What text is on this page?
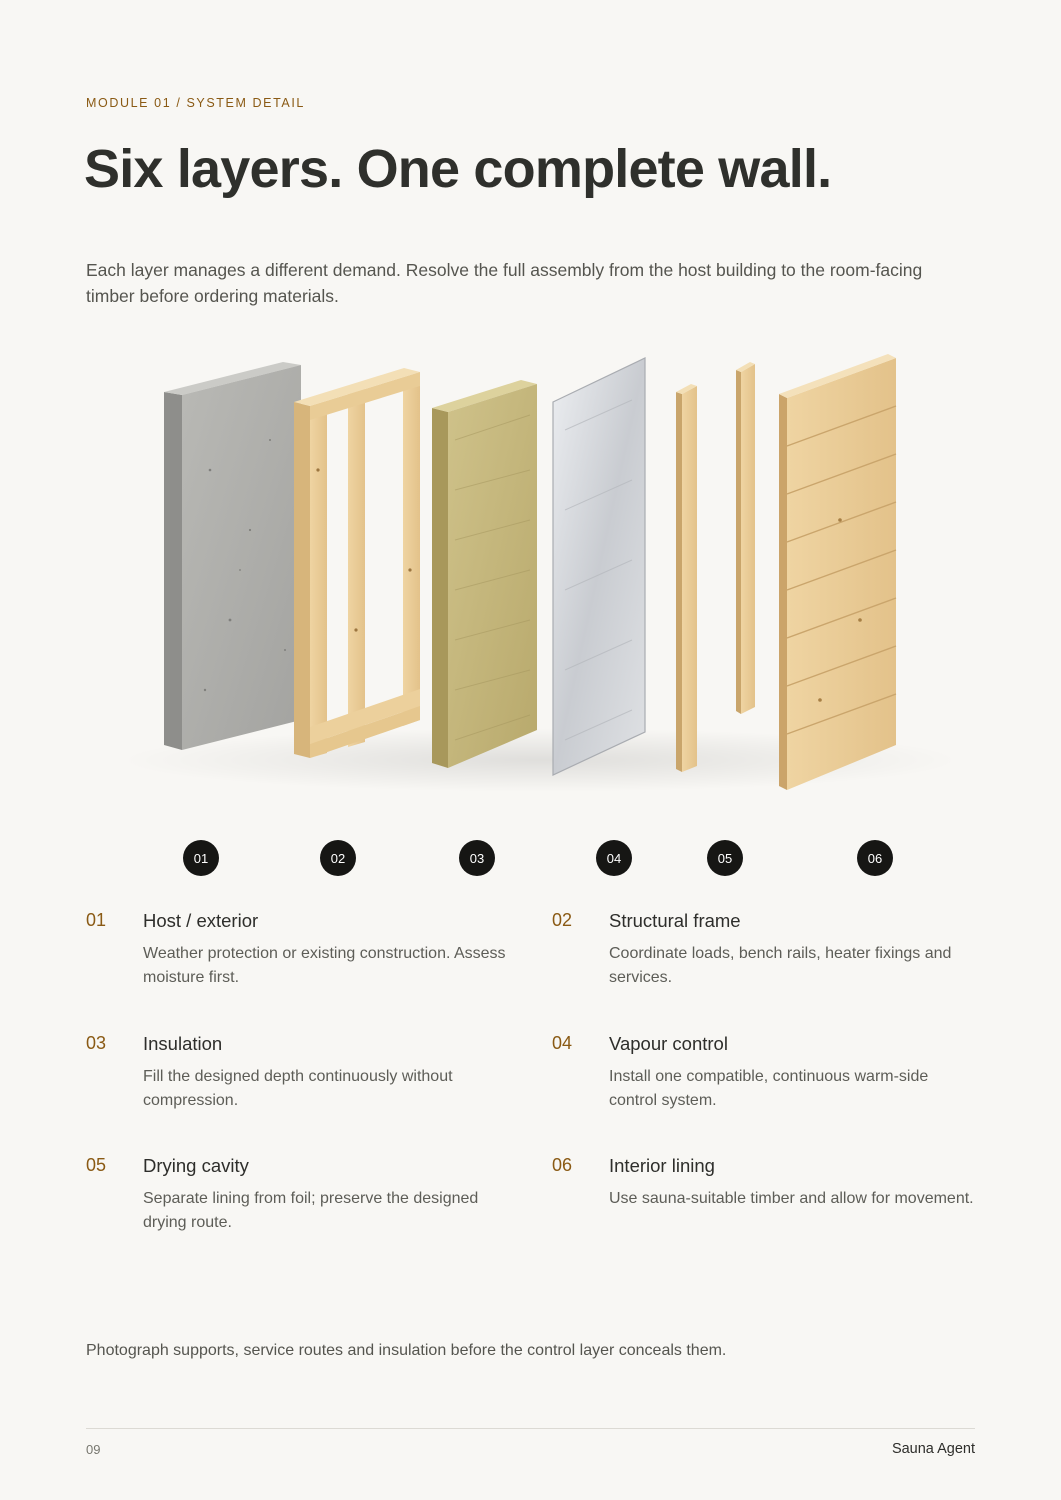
MODULE 01 / SYSTEM DETAIL
Six layers. One complete wall.

Each layer manages a different demand. Resolve the full assembly from the host building to the room-facing timber before ordering materials.

01	02	03	04	05	06
01 Host / exterior

Weather protection or existing construction. Assess moisture first.

02 Structural frame

Coordinate loads, bench rails, heater fixings and services.

03 Insulation

Fill the designed depth continuously without compression.

04 Vapour control

Install one compatible, continuous warm-side control system.

05 Drying cavity

Separate lining from foil; preserve the designed drying route.

06 Interior lining

Use sauna-suitable timber and allow for movement.

Photograph supports, service routes and insulation before the control layer conceals them.
09	Sauna Agent
